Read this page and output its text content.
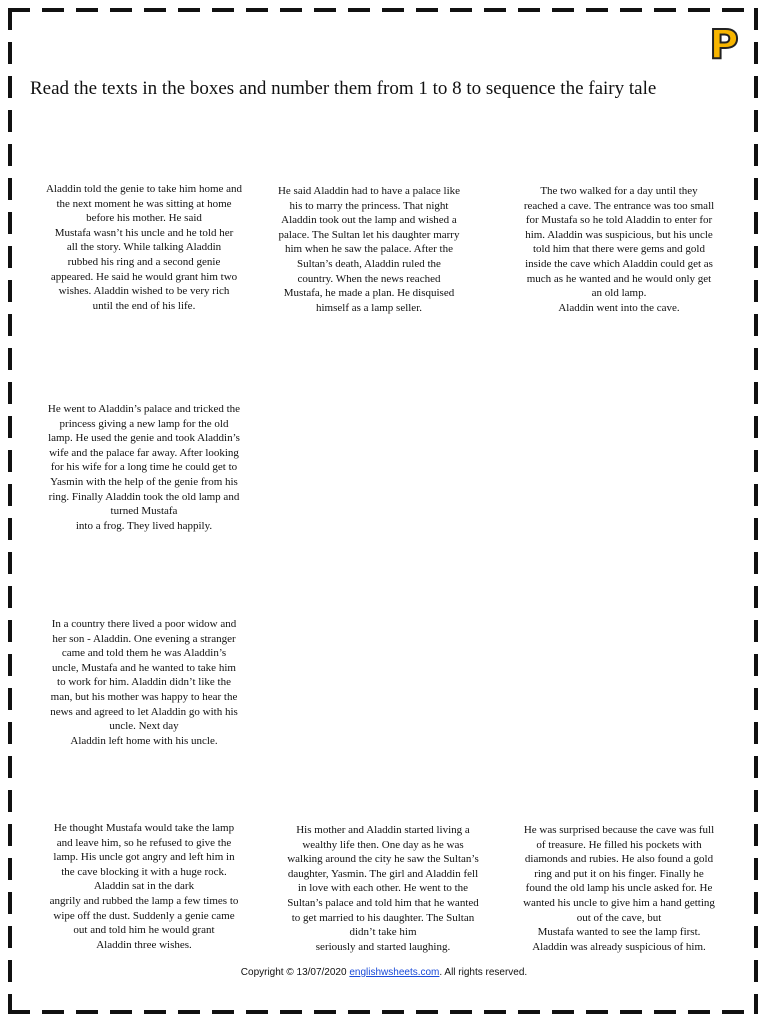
P
Read the texts in the boxes and number them from 1 to 8 to sequence the fairy tale
Aladdin told the genie to take him home and
the next moment he was sitting at home
before his mother. He said
Mustafa wasn’t his uncle and he told her
all the story. While talking Aladdin
rubbed his ring and a second genie
appeared. He said he would grant him two
wishes. Aladdin wished to be very rich
until the end of his life.
He said Aladdin had to have a palace like
his to marry the princess. That night
Aladdin took out the lamp and wished a
palace. The Sultan let his daughter marry
him when he saw the palace. After the
Sultan’s death, Aladdin ruled the
country. When the news reached
Mustafa, he made a plan. He disquised
himself as a lamp seller.
The two walked for a day until they
reached a cave. The entrance was too small
for Mustafa so he told Aladdin to enter for
him. Aladdin was suspicious, but his uncle
told him that there were gems and gold
inside the cave which Aladdin could get as
much as he wanted and he would only get
an old lamp.
Aladdin went into the cave.
He went to Aladdin’s palace and tricked the
princess giving a new lamp for the old
lamp. He used the genie and took Aladdin’s
wife and the palace far away. After looking
for his wife for a long time he could get to
Yasmin with the help of the genie from his
ring. Finally Aladdin took the old lamp and
turned Mustafa
into a frog. They lived happily.
In a country there lived a poor widow and
her son - Aladdin. One evening a stranger
came and told them he was Aladdin’s
uncle, Mustafa and he wanted to take him
to work for him. Aladdin didn’t like the
man, but his mother was happy to hear the
news and agreed to let Aladdin go with his
uncle. Next day
Aladdin left home with his uncle.
He thought Mustafa would take the lamp
and leave him, so he refused to give the
lamp. His uncle got angry and left him in
the cave blocking it with a huge rock.
Aladdin sat in the dark
angrily and rubbed the lamp a few times to
wipe off the dust. Suddenly a genie came
out and told him he would grant
Aladdin three wishes.
His mother and Aladdin started living a
wealthy life then. One day as he was
walking around the city he saw the Sultan’s
daughter, Yasmin. The girl and Aladdin fell
in love with each other. He went to the
Sultan’s palace and told him that he wanted
to get married to his daughter. The Sultan
didn’t take him
seriously and started laughing.
He was surprised because the cave was full
of treasure. He filled his pockets with
diamonds and rubies. He also found a gold
ring and put it on his finger. Finally he
found the old lamp his uncle asked for. He
wanted his uncle to give him a hand getting
out of the cave, but
Mustafa wanted to see the lamp first.
Aladdin was already suspicious of him.
Copyright © 13/07/2020 englishwsheets.com. All rights reserved.
